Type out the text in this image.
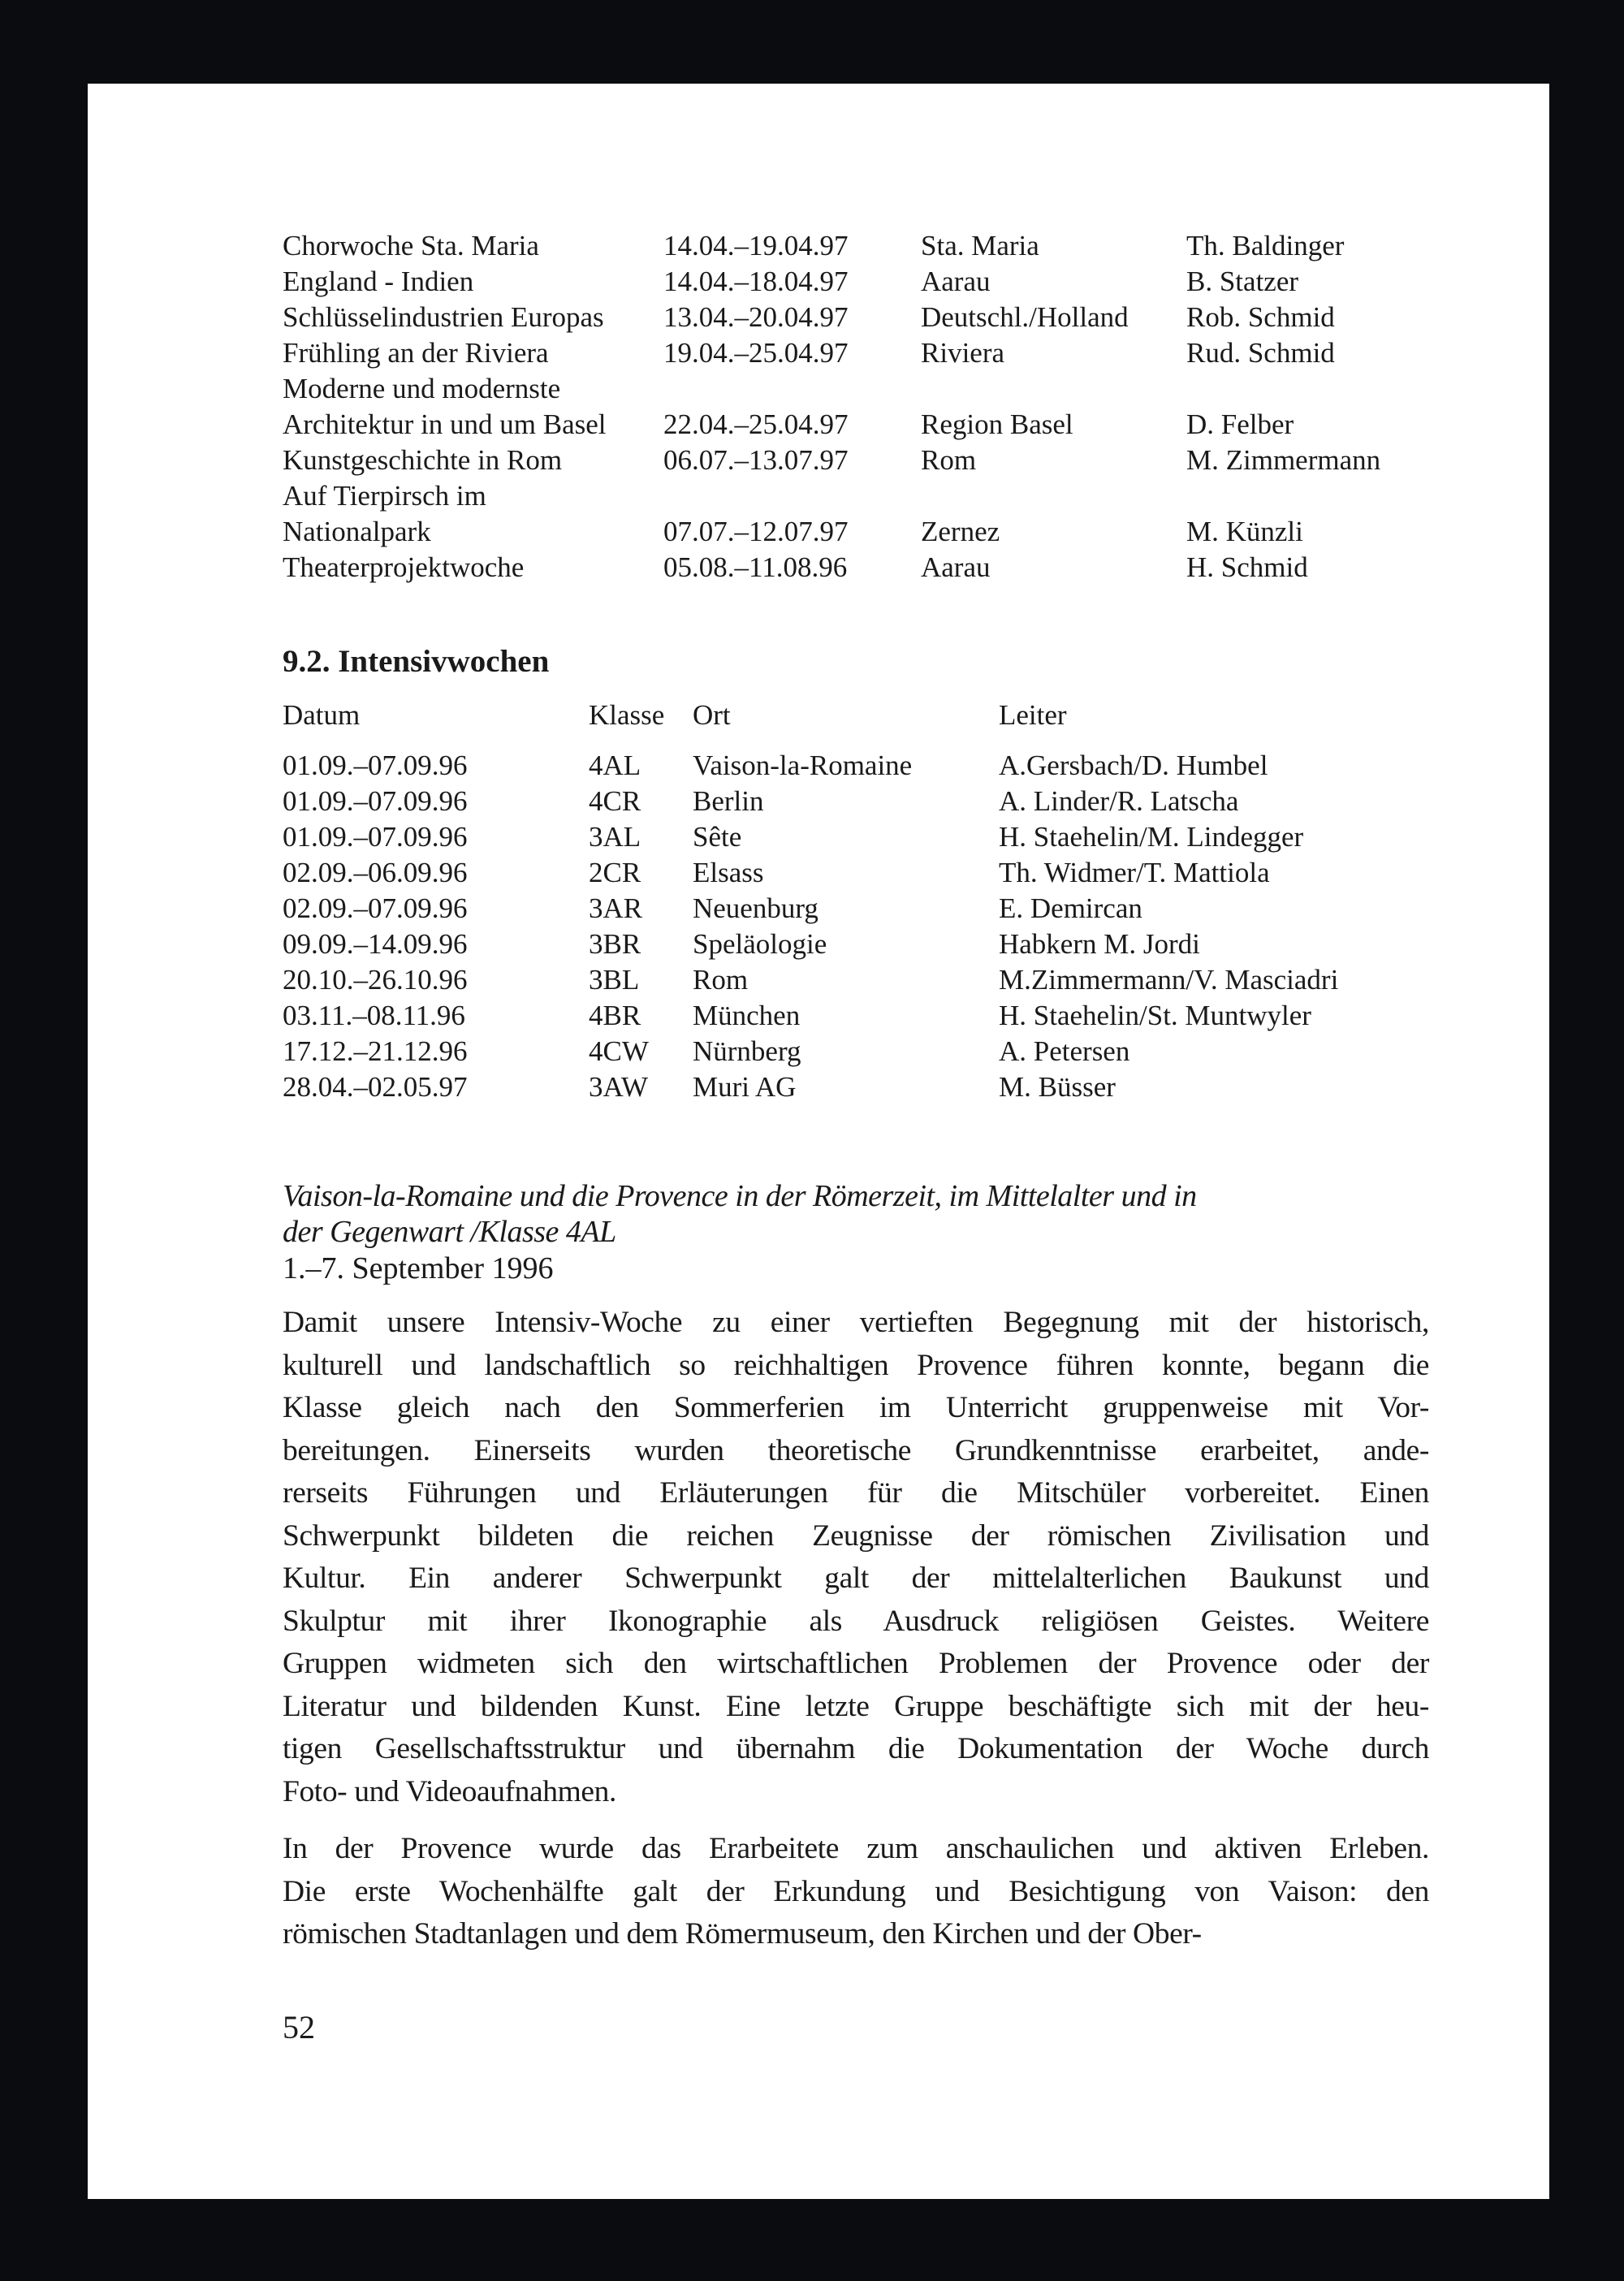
Chorwoche Sta. Maria	14.04.–19.04.97	Sta. Maria	Th. Baldinger
England - Indien	14.04.–18.04.97	Aarau	B. Statzer
Schlüsselindustrien Europas	13.04.–20.04.97	Deutschl./Holland	Rob. Schmid
Frühling an der Riviera	19.04.–25.04.97	Riviera	Rud. Schmid
Moderne und modernste			
Architektur in und um Basel	22.04.–25.04.97	Region Basel	D. Felber
Kunstgeschichte in Rom	06.07.–13.07.97	Rom	M. Zimmermann
Auf Tierpirsch im			
Nationalpark	07.07.–12.07.97	Zernez	M. Künzli
Theaterprojektwoche	05.08.–11.08.96	Aarau	H. Schmid
9.2. Intensivwochen
Datum	Klasse	Ort	Leiter
01.09.–07.09.96	4AL	Vaison-la-Romaine	A.Gersbach/D. Humbel
01.09.–07.09.96	4CR	Berlin	A. Linder/R. Latscha
01.09.–07.09.96	3AL	Sête	H. Staehelin/M. Lindegger
02.09.–06.09.96	2CR	Elsass	Th. Widmer/T. Mattiola
02.09.–07.09.96	3AR	Neuenburg	E. Demircan
09.09.–14.09.96	3BR	Speläologie	Habkern M. Jordi
20.10.–26.10.96	3BL	Rom	M.Zimmermann/V. Masciadri
03.11.–08.11.96	4BR	München	H. Staehelin/St. Muntwyler
17.12.–21.12.96	4CW	Nürnberg	A. Petersen
28.04.–02.05.97	3AW	Muri AG	M. Büsser
Vaison-la-Romaine und die Provence in der Römerzeit, im Mittelalter und in
der Gegenwart /Klasse 4AL
1.–7. September 1996
Damit unsere Intensiv-Woche zu einer vertieften Begegnung mit der historisch,
kulturell und landschaftlich so reichhaltigen Provence führen konnte, begann die
Klasse gleich nach den Sommerferien im Unterricht gruppenweise mit Vor-
bereitungen. Einerseits wurden theoretische Grundkenntnisse erarbeitet, ande-
rerseits Führungen und Erläuterungen für die Mitschüler vorbereitet. Einen
Schwerpunkt bildeten die reichen Zeugnisse der römischen Zivilisation und
Kultur. Ein anderer Schwerpunkt galt der mittelalterlichen Baukunst und
Skulptur mit ihrer Ikonographie als Ausdruck religiösen Geistes. Weitere
Gruppen widmeten sich den wirtschaftlichen Problemen der Provence oder der
Literatur und bildenden Kunst. Eine letzte Gruppe beschäftigte sich mit der heu-
tigen Gesellschaftsstruktur und übernahm die Dokumentation der Woche durch
Foto- und Videoaufnahmen.
In der Provence wurde das Erarbeitete zum anschaulichen und aktiven Erleben.
Die erste Wochenhälfte galt der Erkundung und Besichtigung von Vaison: den
römischen Stadtanlagen und dem Römermuseum, den Kirchen und der Ober-
52
